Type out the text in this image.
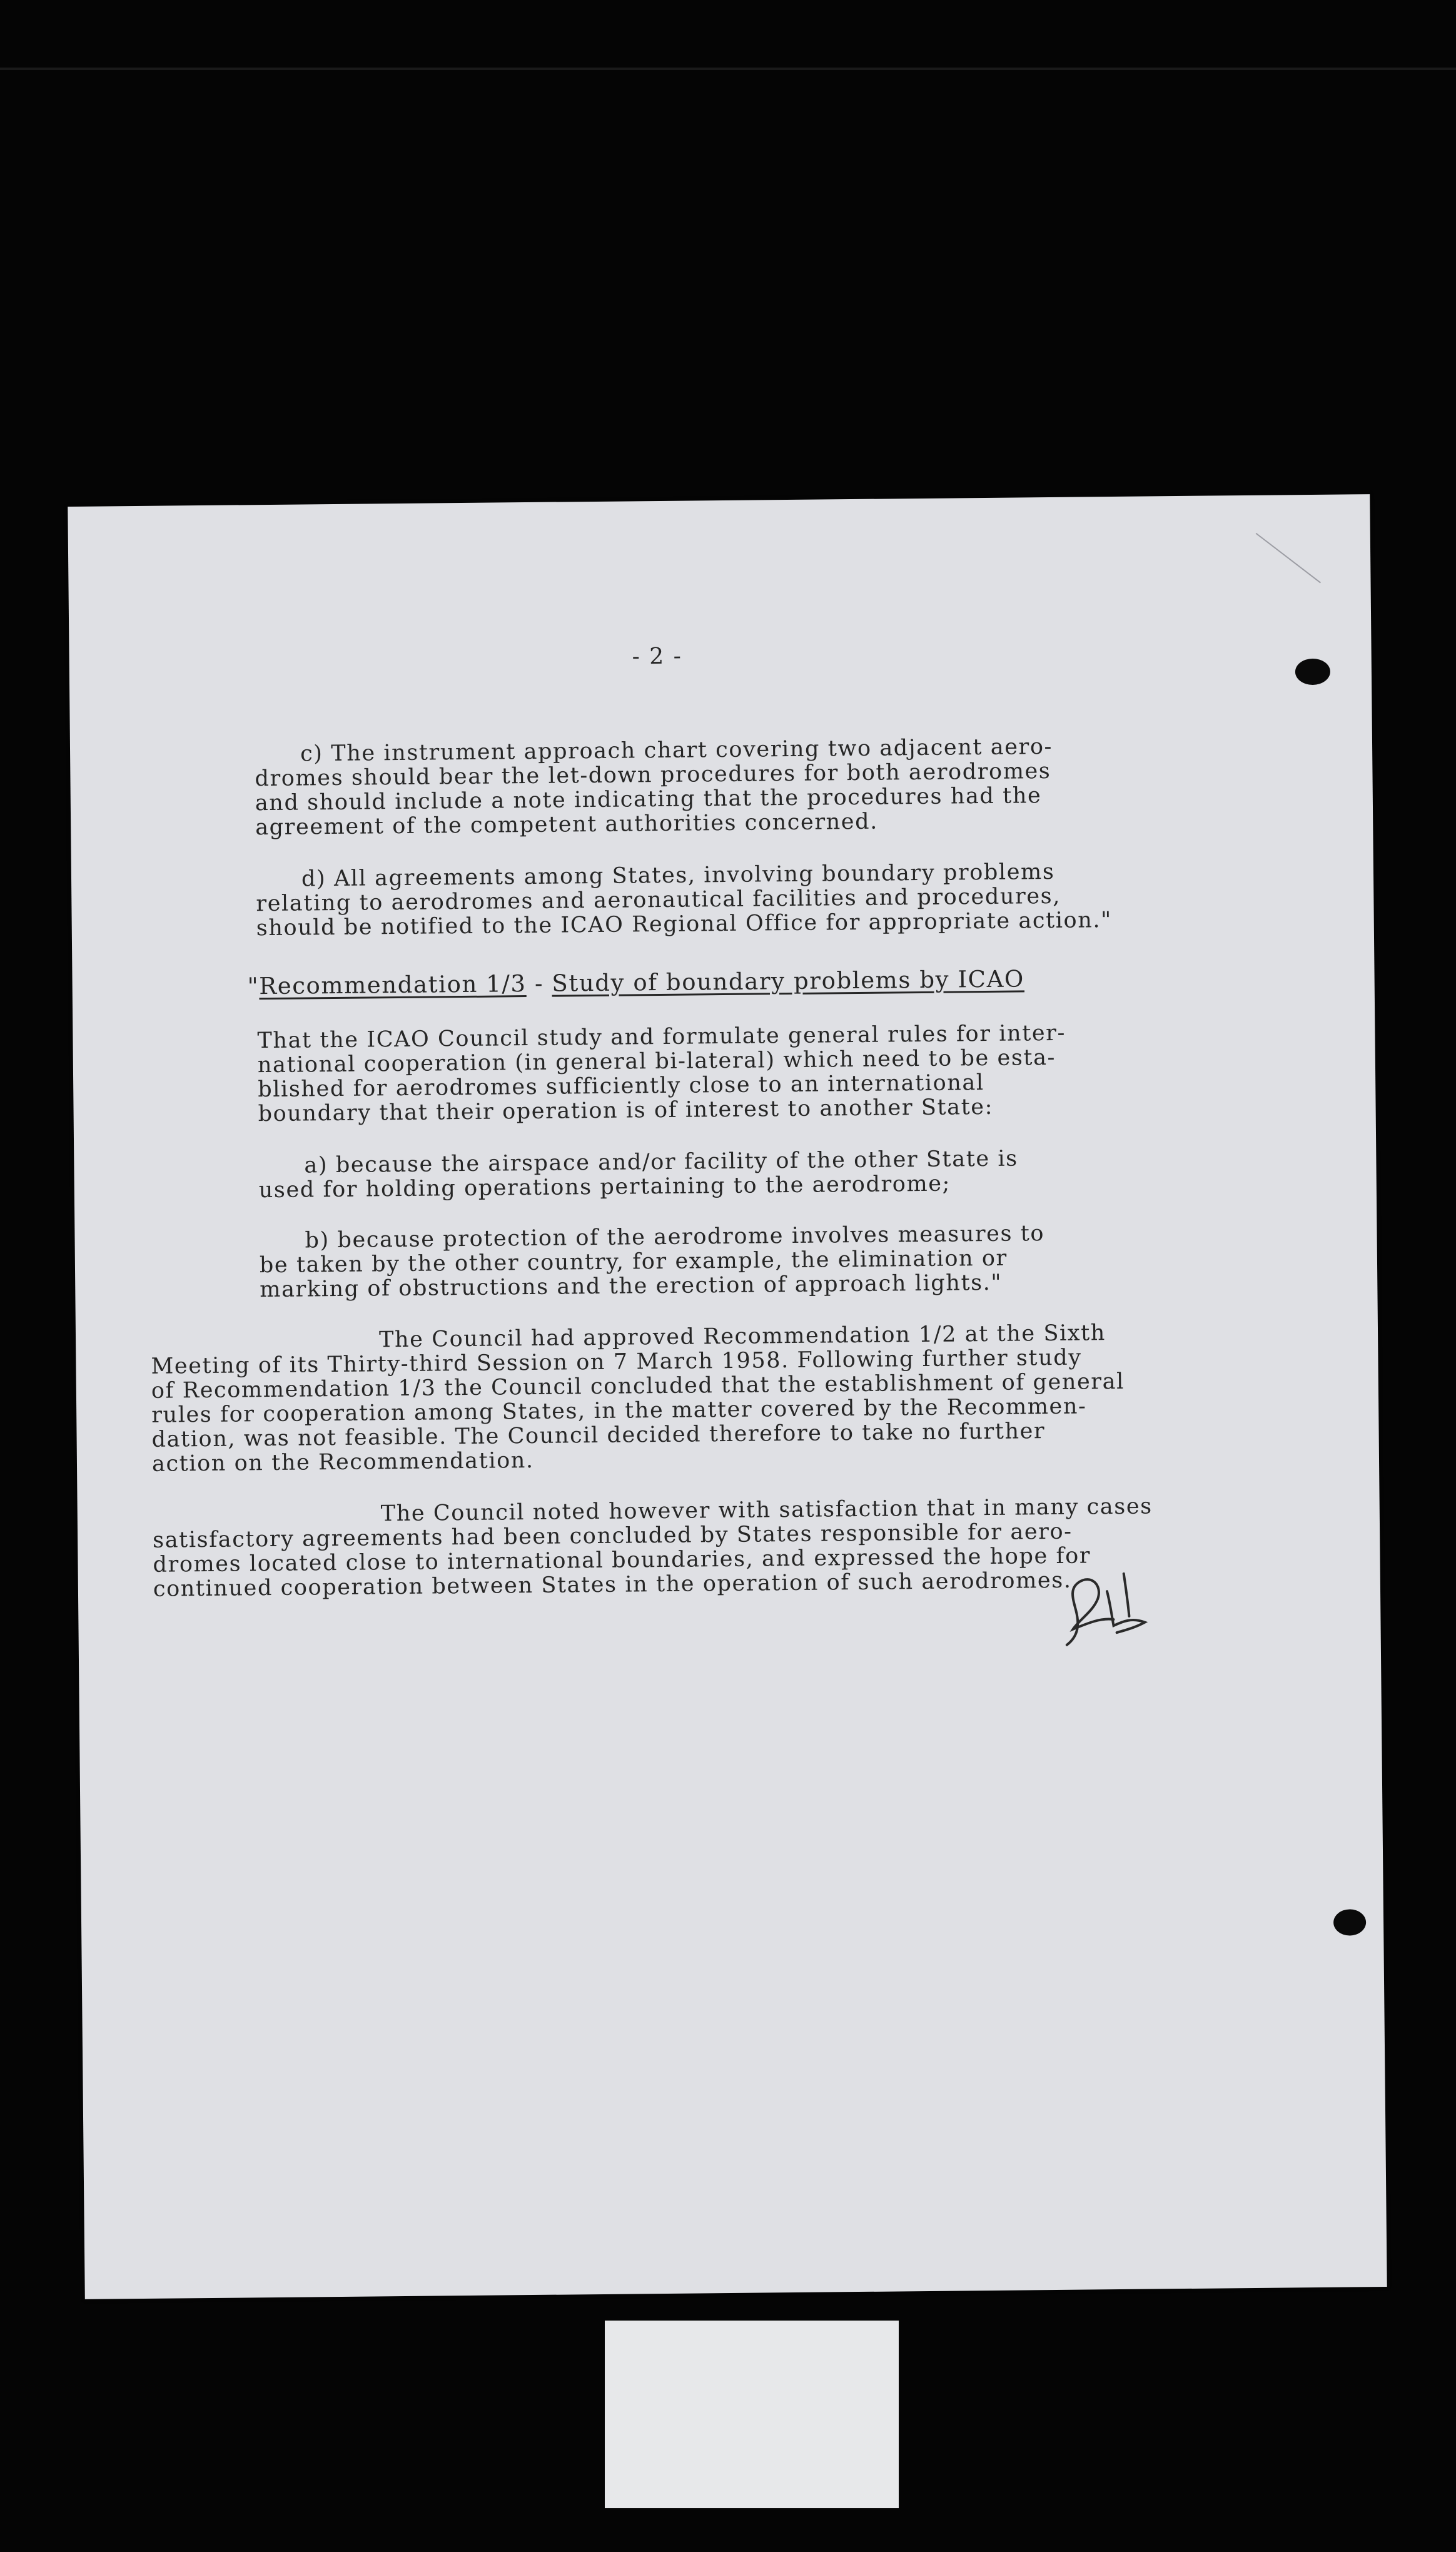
- 2 -

c) The instrument approach chart covering two adjacent aero-

dromes should bear the let-down procedures for both aerodromes

and should include a note indicating that the procedures had the

agreement of the competent authorities concerned.

d) All agreements among States, involving boundary problems

relating to aerodromes and aeronautical facilities and procedures,

should be notified to the ICAO Regional Office for appropriate action."

"Recommendation 1/3 - Study of boundary problems by ICAO

That the ICAO Council study and formulate general rules for inter-

national cooperation (in general bi-lateral) which need to be esta-

blished for aerodromes sufficiently close to an international

boundary that their operation is of interest to another State:

a) because the airspace and/or facility of the other State is

used for holding operations pertaining to the aerodrome;

b) because protection of the aerodrome involves measures to

be taken by the other country, for example, the elimination or

marking of obstructions and the erection of approach lights."

The Council had approved Recommendation 1/2 at the Sixth

Meeting of its Thirty-third Session on 7 March 1958. Following further study

of Recommendation 1/3 the Council concluded that the establishment of general

rules for cooperation among States, in the matter covered by the Recommen-

dation, was not feasible. The Council decided therefore to take no further

action on the Recommendation.

The Council noted however with satisfaction that in many cases

satisfactory agreements had been concluded by States responsible for aero-

dromes located close to international boundaries, and expressed the hope for

continued cooperation between States in the operation of such aerodromes.
